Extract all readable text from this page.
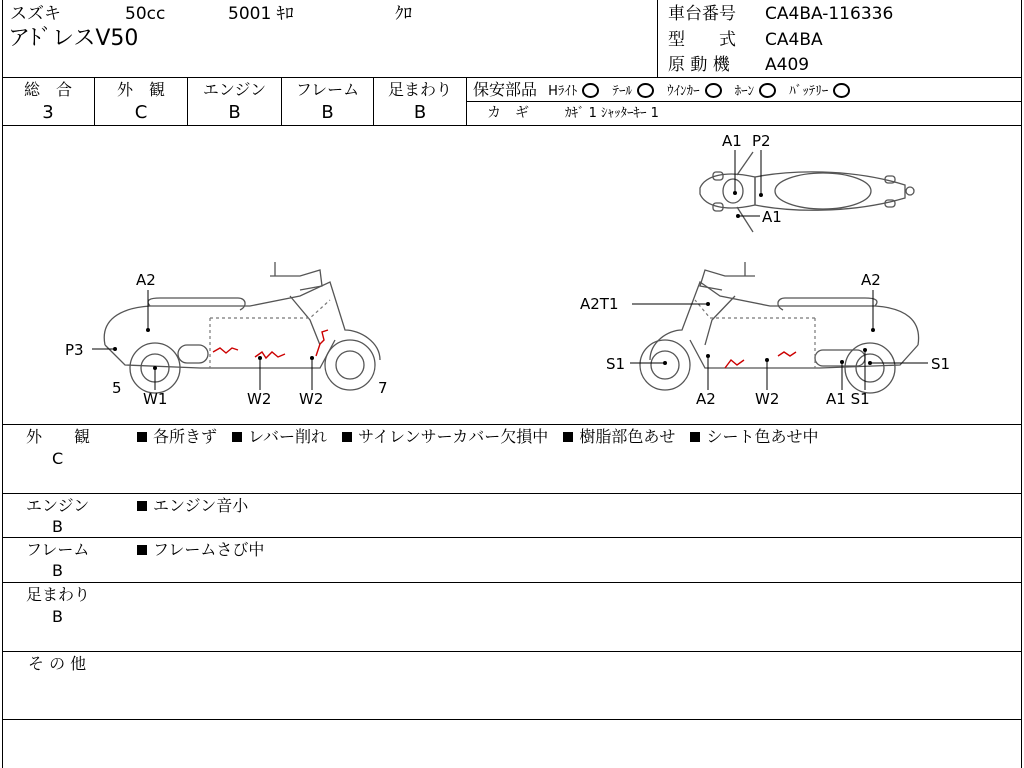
スズキ	50cc	5001 ｷﾛ	ｸﾛ
アﾄﾞレスV50
車台番号 CA4BA-116336
型　　式 CA4BA
原 動 機 A409
総　合	外　観	エンジン	フレーム	足まわり
3	C	B	B	B
保安部品 Hﾗｲﾄ	ﾃｰﾙ	ｳｲﾝｶｰ	ﾎｰﾝ	ﾊﾞｯﾃﾘｰ
カ　ギ	ｶｷﾞ 1 ｼｬｯﾀｰｷｰ 1
A1 P2
A1
A2
P3
5
W1	W2 W2
7
A2
A2T1
S1	S1
A2	W2	A1 S1
外　　観
C
各所きず レバー削れ サイレンサーカバー欠損中 樹脂部色あせ シート色あせ中
エンジン
B
エンジン音小
フレーム
B
フレームさび中
足まわり
B
そ の 他
